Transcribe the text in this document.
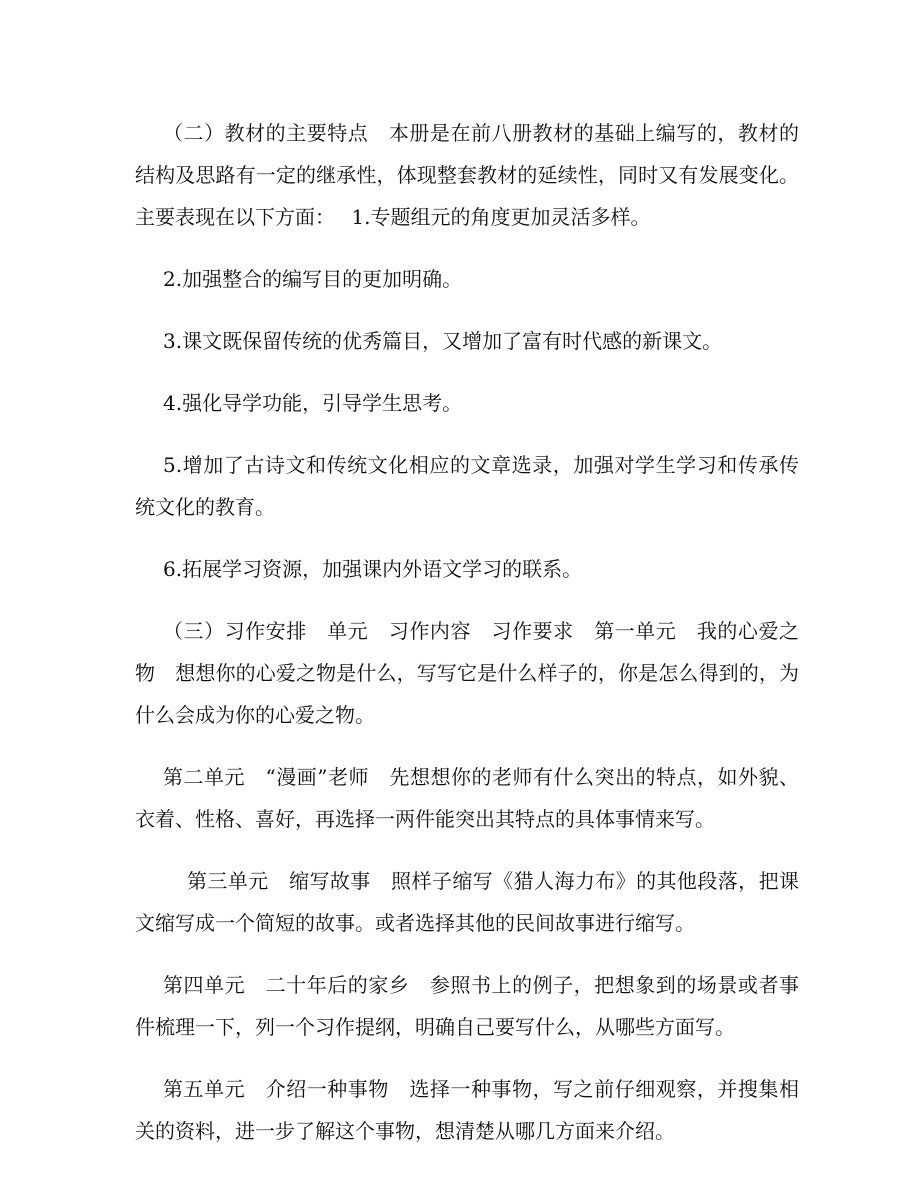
（二）教材的主要特点　本册是在前八册教材的基础上编写的，教材的结构及思路有一定的继承性，体现整套教材的延续性，同时又有发展变化。主要表现在以下方面：　 1.专题组元的角度更加灵活多样。

2.加强整合的编写目的更加明确。

3.课文既保留传统的优秀篇目，又增加了富有时代感的新课文。

4.强化导学功能，引导学生思考。

5.增加了古诗文和传统文化相应的文章选录，加强对学生学习和传承传统文化的教育。

6.拓展学习资源，加强课内外语文学习的联系。

（三）习作安排　单元　习作内容　习作要求　第一单元　我的心爱之物　想想你的心爱之物是什么，写写它是什么样子的，你是怎么得到的，为什么会成为你的心爱之物。

第二单元　“漫画”老师　先想想你的老师有什么突出的特点，如外貌、衣着、性格、喜好，再选择一两件能突出其特点的具体事情来写。

第三单元　缩写故事　照样子缩写《猎人海力布》的其他段落，把课文缩写成一个简短的故事。或者选择其他的民间故事进行缩写。

第四单元　二十年后的家乡　参照书上的例子，把想象到的场景或者事件梳理一下，列一个习作提纲，明确自己要写什么，从哪些方面写。

第五单元　介绍一种事物　选择一种事物，写之前仔细观察，并搜集相关的资料，进一步了解这个事物，想清楚从哪几方面来介绍。
